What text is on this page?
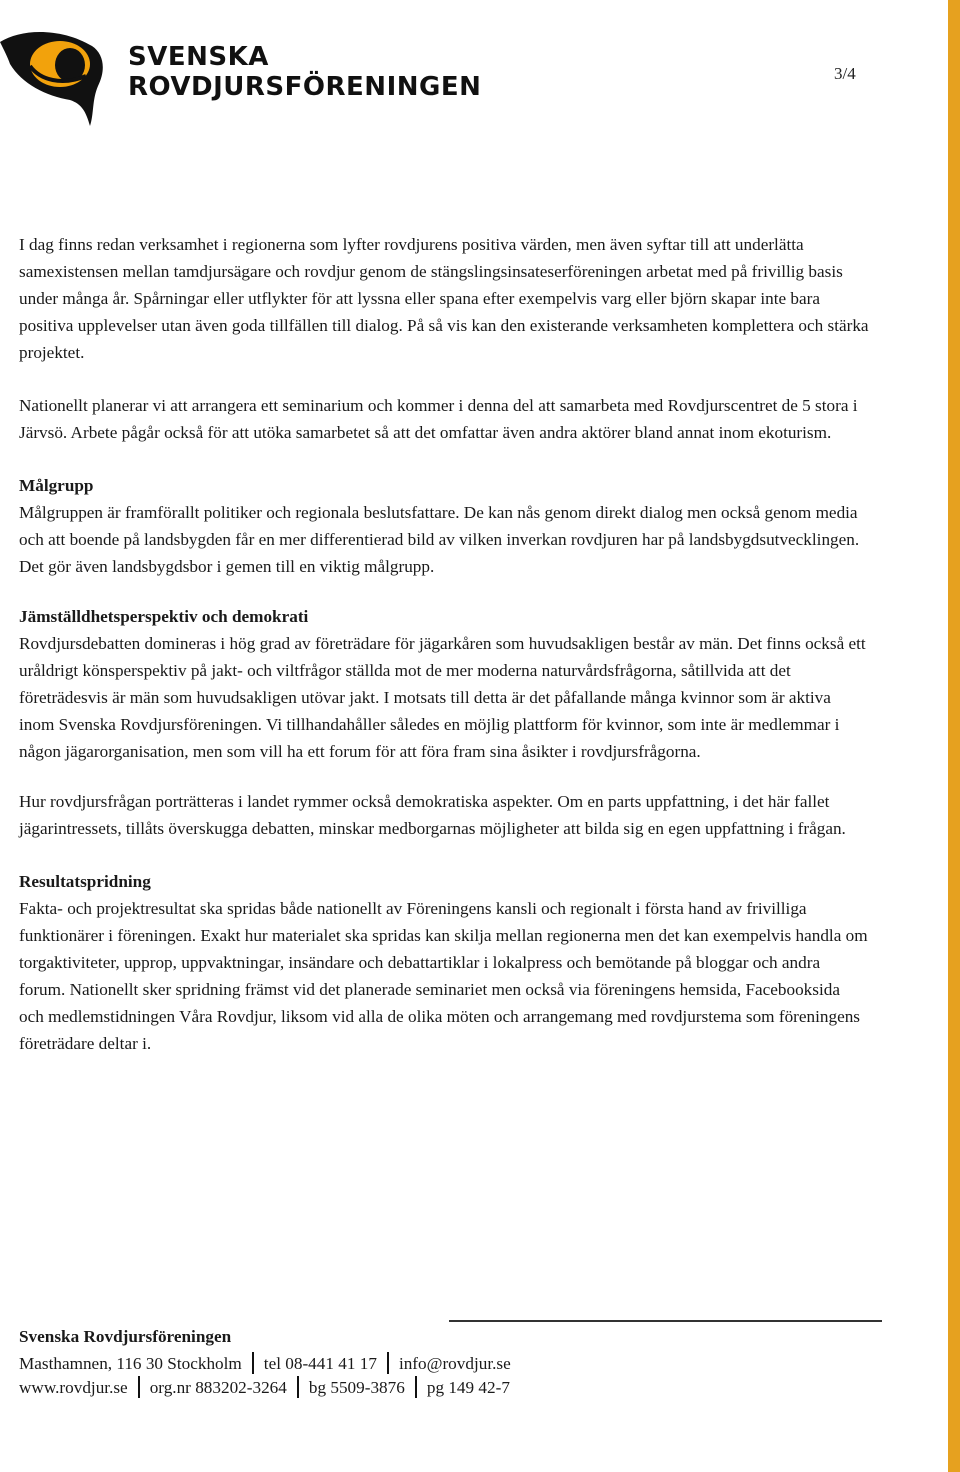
SVENSKA
ROVDJURSFÖRENINGEN	3/4

I dag finns redan verksamhet i regionerna som lyfter rovdjurens positiva värden, men även syftar till att underlätta samexistensen mellan tamdjursägare och rovdjur genom de stängslingsinsateserföreningen arbetat med på frivillig basis under många år. Spårningar eller utflykter för att lyssna eller spana efter exempelvis varg eller björn skapar inte bara positiva upplevelser utan även goda tillfällen till dialog. På så vis kan den existerande verksamheten komplettera och stärka projektet.

Nationellt planerar vi att arrangera ett seminarium och kommer i denna del att samarbeta med Rovdjurscentret de 5 stora i Järvsö. Arbete pågår också för att utöka samarbetet så att det omfattar även andra aktörer bland annat inom ekoturism.

Målgrupp

Målgruppen är framförallt politiker och regionala beslutsfattare. De kan nås genom direkt dialog men också genom media och att boende på landsbygden får en mer differentierad bild av vilken inverkan rovdjuren har på landsbygdsutvecklingen. Det gör även landsbygdsbor i gemen till en viktig målgrupp.

Jämställdhetsperspektiv och demokrati

Rovdjursdebatten domineras i hög grad av företrädare för jägarkåren som huvudsakligen består av män. Det finns också ett uråldrigt könsperspektiv på jakt- och viltfrågor ställda mot de mer moderna naturvårdsfrågorna, såtillvida att det företrädesvis är män som huvudsakligen utövar jakt. I motsats till detta är det påfallande många kvinnor som är aktiva inom Svenska Rovdjursföreningen. Vi tillhandahåller således en möjlig plattform för kvinnor, som inte är medlemmar i någon jägarorganisation, men som vill ha ett forum för att föra fram sina åsikter i rovdjursfrågorna.

Hur rovdjursfrågan porträtteras i landet rymmer också demokratiska aspekter. Om en parts uppfattning, i det här fallet jägarintressets, tillåts överskugga debatten, minskar medborgarnas möjligheter att bilda sig en egen uppfattning i frågan.

Resultatspridning

Fakta- och projektresultat ska spridas både nationellt av Föreningens kansli och regionalt i första hand av frivilliga funktionärer i föreningen. Exakt hur materialet ska spridas kan skilja mellan regionerna men det kan exempelvis handla om torgaktiviteter, upprop, uppvaktningar, insändare och debattartiklar i lokalpress och bemötande på bloggar och andra forum. Nationellt sker spridning främst vid det planerade seminariet men också via föreningens hemsida, Facebooksida och medlemstidningen Våra Rovdjur, liksom vid alla de olika möten och arrangemang med rovdjurstema som föreningens företrädare deltar i.

Svenska Rovdjursföreningen
Masthamnen, 116 30 Stockholm tel 08-441 41 17 info@rovdjur.se
www.rovdjur.se org.nr 883202-3264 bg 5509-3876 pg 149 42-7
